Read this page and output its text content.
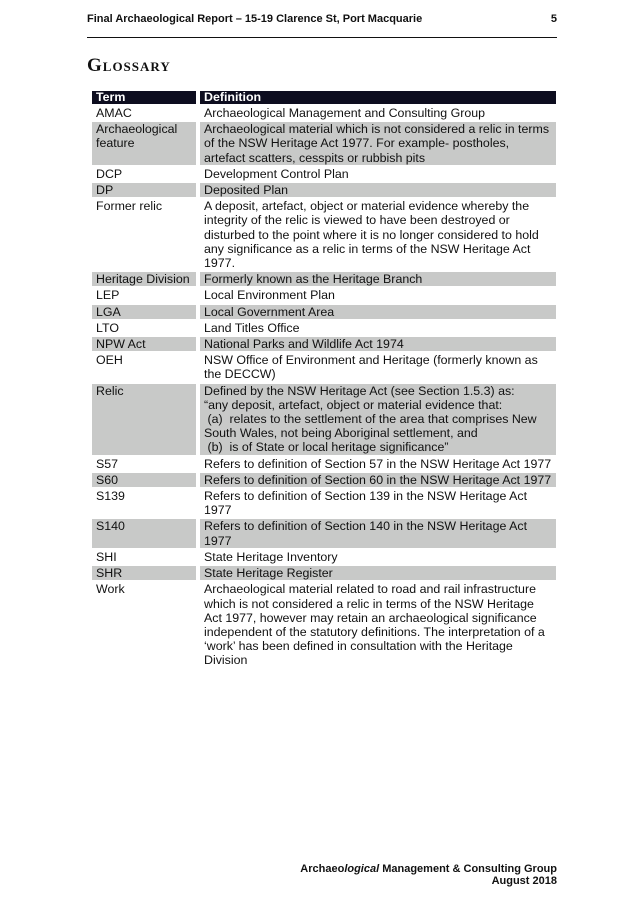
Final Archaeological Report – 15-19 Clarence St, Port Macquarie	5
Glossary
Term	Definition
AMAC	Archaeological Management and Consulting Group
Archaeological feature	Archaeological material which is not considered a relic in terms of the NSW Heritage Act 1977. For example- postholes, artefact scatters, cesspits or rubbish pits
DCP	Development Control Plan
DP	Deposited Plan
Former relic	A deposit, artefact, object or material evidence whereby the integrity of the relic is viewed to have been destroyed or disturbed to the point where it is no longer considered to hold any significance as a relic in terms of the NSW Heritage Act 1977.
Heritage Division	Formerly known as the Heritage Branch
LEP	Local Environment Plan
LGA	Local Government Area
LTO	Land Titles Office
NPW Act	National Parks and Wildlife Act 1974
OEH	NSW Office of Environment and Heritage (formerly known as the DECCW)
Relic	Defined by the NSW Heritage Act (see Section 1.5.3) as:
“any deposit, artefact, object or material evidence that:
(a)  relates to the settlement of the area that comprises New South Wales, not being Aboriginal settlement, and
(b)  is of State or local heritage significance”

S57	Refers to definition of Section 57 in the NSW Heritage Act 1977
S60	Refers to definition of Section 60 in the NSW Heritage Act 1977
S139	Refers to definition of Section 139 in the NSW Heritage Act 1977
S140	Refers to definition of Section 140 in the NSW Heritage Act 1977
SHI	State Heritage Inventory
SHR	State Heritage Register
Work	Archaeological material related to road and rail infrastructure which is not considered a relic in terms of the NSW Heritage Act 1977, however may retain an archaeological significance independent of the statutory definitions. The interpretation of a ‘work’ has been defined in consultation with the Heritage Division
Archaeological Management & Consulting Group
August 2018
